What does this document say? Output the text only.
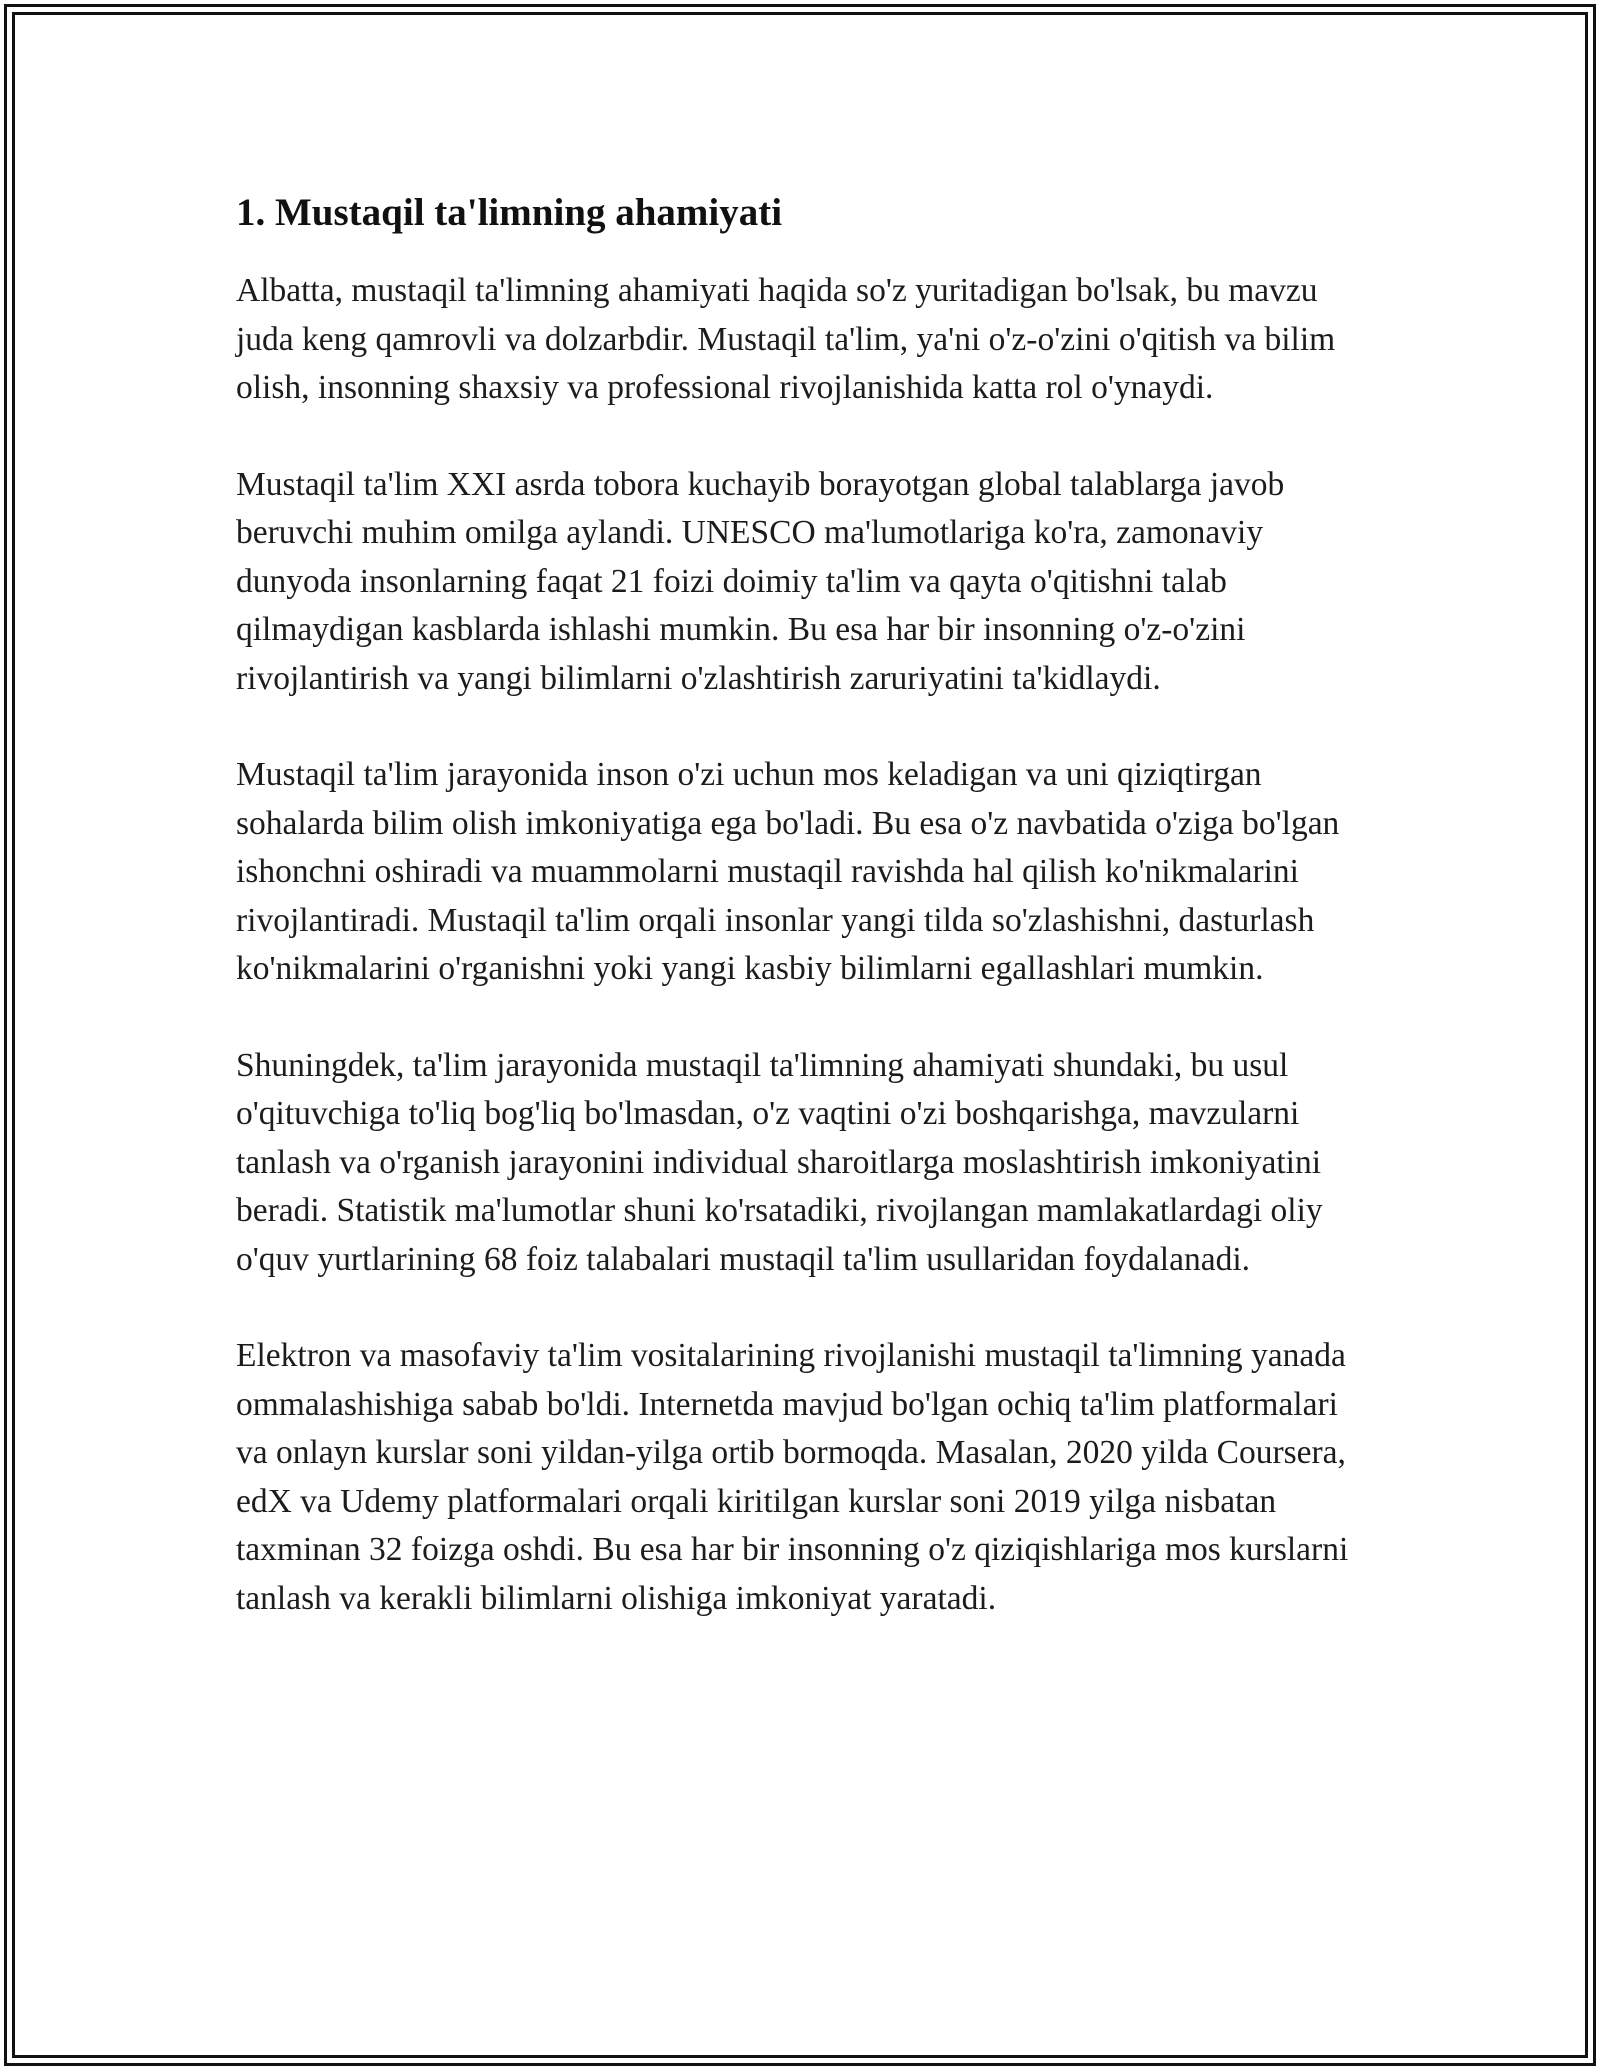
1. Mustaqil ta'limning ahamiyati

Albatta, mustaqil ta'limning ahamiyati haqida so'z yuritadigan bo'lsak, bu mavzu juda keng qamrovli va dolzarbdir. Mustaqil ta'lim, ya'ni o'z-o'zini o'qitish va bilim olish, insonning shaxsiy va professional rivojlanishida katta rol o'ynaydi.

Mustaqil ta'lim XXI asrda tobora kuchayib borayotgan global talablarga javob beruvchi muhim omilga aylandi. UNESCO ma'lumotlariga ko'ra, zamonaviy dunyoda insonlarning faqat 21 foizi doimiy ta'lim va qayta o'qitishni talab qilmaydigan kasblarda ishlashi mumkin. Bu esa har bir insonning o'z-o'zini rivojlantirish va yangi bilimlarni o'zlashtirish zaruriyatini ta'kidlaydi.

Mustaqil ta'lim jarayonida inson o'zi uchun mos keladigan va uni qiziqtirgan sohalarda bilim olish imkoniyatiga ega bo'ladi. Bu esa o'z navbatida o'ziga bo'lgan ishonchni oshiradi va muammolarni mustaqil ravishda hal qilish ko'nikmalarini rivojlantiradi. Mustaqil ta'lim orqali insonlar yangi tilda so'zlashishni, dasturlash ko'nikmalarini o'rganishni yoki yangi kasbiy bilimlarni egallashlari mumkin.

Shuningdek, ta'lim jarayonida mustaqil ta'limning ahamiyati shundaki, bu usul o'qituvchiga to'liq bog'liq bo'lmasdan, o'z vaqtini o'zi boshqarishga, mavzularni tanlash va o'rganish jarayonini individual sharoitlarga moslashtirish imkoniyatini beradi. Statistik ma'lumotlar shuni ko'rsatadiki, rivojlangan mamlakatlardagi oliy o'quv yurtlarining 68 foiz talabalari mustaqil ta'lim usullaridan foydalanadi.

Elektron va masofaviy ta'lim vositalarining rivojlanishi mustaqil ta'limning yanada ommalashishiga sabab bo'ldi. Internetda mavjud bo'lgan ochiq ta'lim platformalari va onlayn kurslar soni yildan-yilga ortib bormoqda. Masalan, 2020 yilda Coursera, edX va Udemy platformalari orqali kiritilgan kurslar soni 2019 yilga nisbatan taxminan 32 foizga oshdi. Bu esa har bir insonning o'z qiziqishlariga mos kurslarni tanlash va kerakli bilimlarni olishiga imkoniyat yaratadi.
